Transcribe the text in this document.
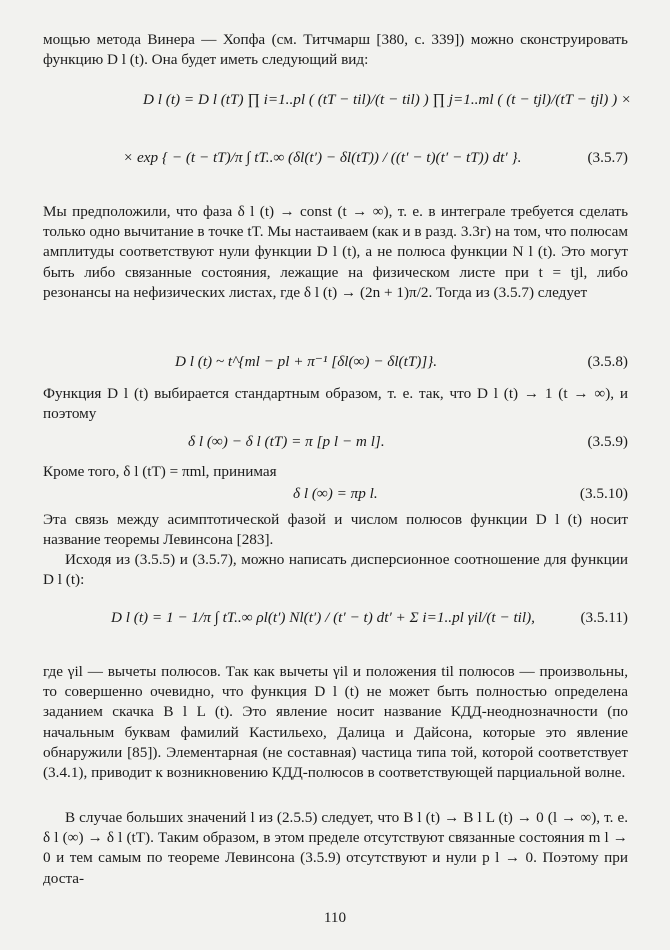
мощью метода Винера — Хопфа (см. Титчмарш [380, с. 339]) можно сконструировать функцию D l (t). Она будет иметь следующий вид:

D l (t) = D l (tT) ∏ i=1..pl ( (tT − til)/(t − til) ) ∏ j=1..ml ( (t − tjl)/(tT − tjl) ) ×
× exp { − (t − tT)/π ∫ tT..∞ (δl(t′) − δl(tT)) / ((t′ − t)(t′ − tT)) dt′ }.	(3.5.7)

Мы предположили, что фаза δ l (t) → const (t → ∞), т. е. в интеграле требуется сделать только одно вычитание в точке tT. Мы настаиваем (как и в разд. 3.3г) на том, что полюсам амплитуды соответствуют нули функции D l (t), а не полюса функции N l (t). Это могут быть либо связанные состояния, лежащие на физическом листе при t = tjl, либо резонансы на нефизических листах, где δ l (t) → (2n + 1)π/2. Тогда из (3.5.7) следует

D l (t) ~ t^{ml − pl + π⁻¹ [δl(∞) − δl(tT)]}.	(3.5.8)

Функция D l (t) выбирается стандартным образом, т. е. так, что D l (t) → 1 (t → ∞), и поэтому

δ l (∞) − δ l (tT) = π [p l − m l].	(3.5.9)

Кроме того, δ l (tT) = πml, принимая

δ l (∞) = πp l.	(3.5.10)

Эта связь между асимптотической фазой и числом полюсов функции D l (t) носит название теоремы Левинсона [283].

Исходя из (3.5.5) и (3.5.7), можно написать дисперсионное соотношение для функции D l (t):

D l (t) = 1 − 1/π ∫ tT..∞ ρl(t′) Nl(t′) / (t′ − t) dt′ + Σ i=1..pl γil/(t − til),	(3.5.11)

где γil — вычеты полюсов. Так как вычеты γil и положения til полюсов — произвольны, то совершенно очевидно, что функция D l (t) не может быть полностью определена заданием скачка B l L (t). Это явление носит название КДД-неоднозначности (по начальным буквам фамилий Кастильехо, Далица и Дайсона, которые это явление обнаружили [85]). Элементарная (не составная) частица типа той, которой соответствует (3.4.1), приводит к возникновению КДД-полюсов в соответствующей парциальной волне.

В случае больших значений l из (2.5.5) следует, что B l (t) → B l L (t) → 0 (l → ∞), т. е. δ l (∞) → δ l (tT). Таким образом, в этом пределе отсутствуют связанные состояния m l → 0 и тем самым по теореме Левинсона (3.5.9) отсутствуют и нули p l → 0. Поэтому при доста-

110
